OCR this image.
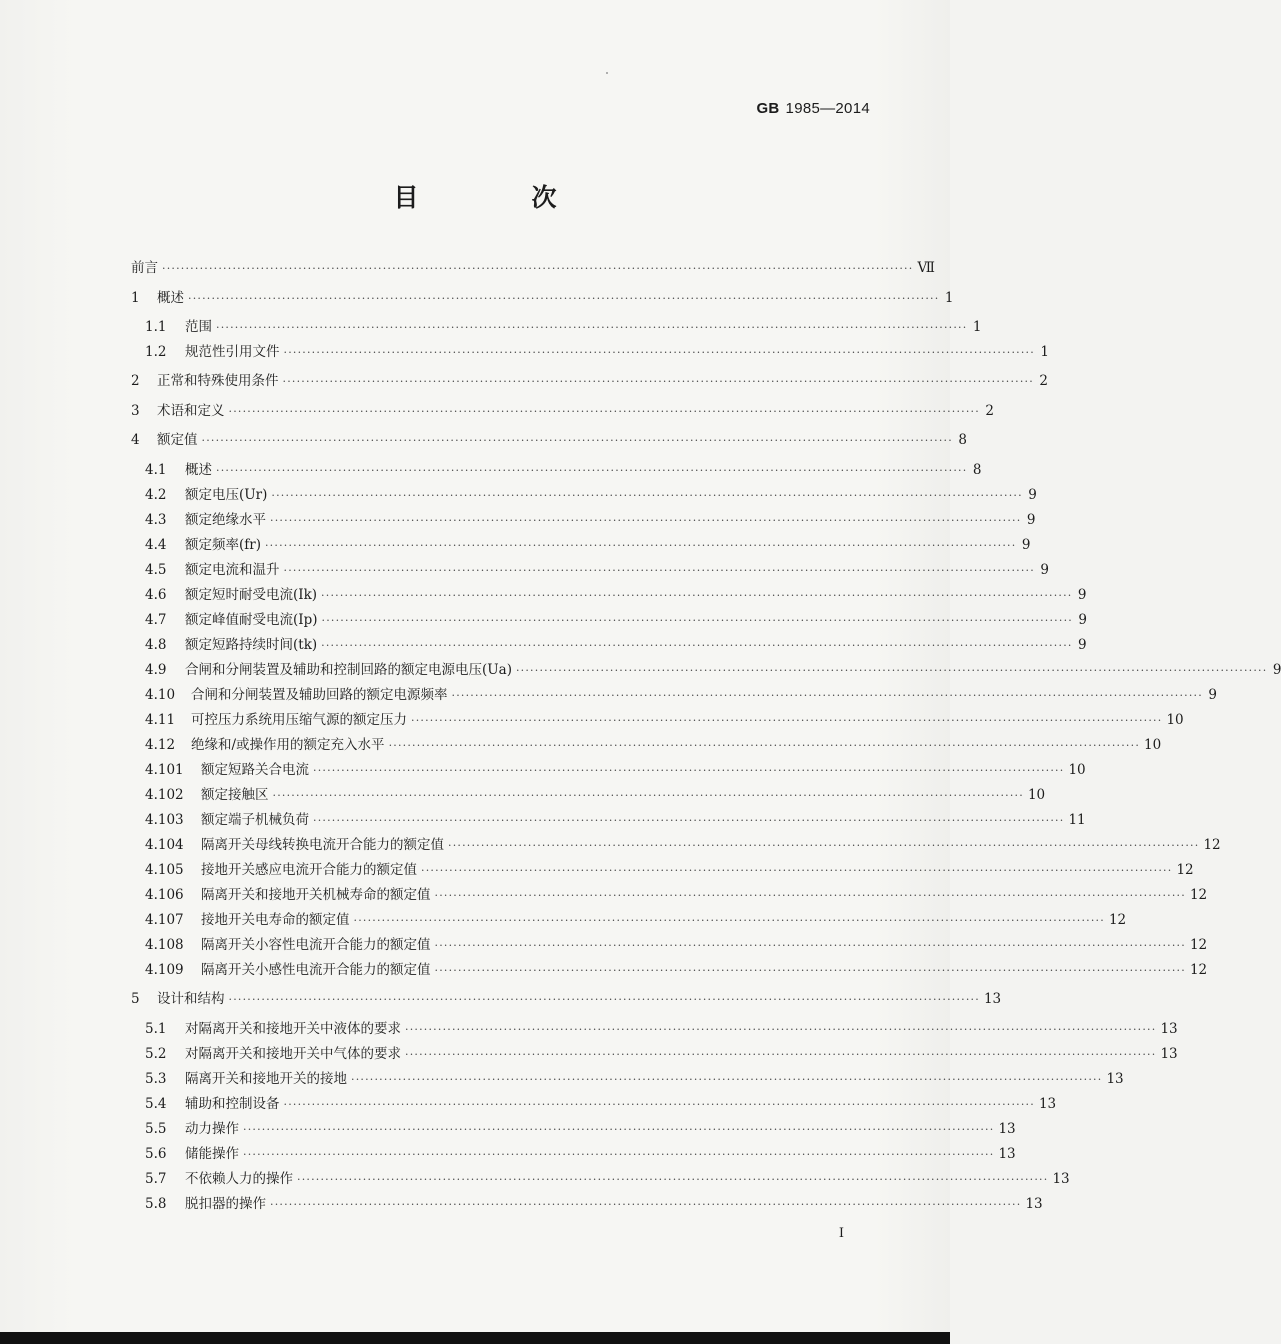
GB 1985—2014
目　次
前言 ································································································································································ Ⅶ
1	概述 ································································································································································ 1
1.1	范围 ································································································································································ 1
1.2	规范性引用文件 ································································································································································ 1
2	正常和特殊使用条件 ································································································································································ 2
3	术语和定义 ································································································································································ 2
4	额定值 ································································································································································ 8
4.1	概述 ································································································································································ 8
4.2	额定电压(Ur) ································································································································································ 9
4.3	额定绝缘水平 ································································································································································ 9
4.4	额定频率(fr) ································································································································································ 9
4.5	额定电流和温升 ································································································································································ 9
4.6	额定短时耐受电流(Ik) ································································································································································ 9
4.7	额定峰值耐受电流(Ip) ································································································································································ 9
4.8	额定短路持续时间(tk) ································································································································································ 9
4.9	合闸和分闸装置及辅助和控制回路的额定电源电压(Ua) ································································································································································ 9
4.10	合闸和分闸装置及辅助回路的额定电源频率 ································································································································································ 9
4.11	可控压力系统用压缩气源的额定压力 ································································································································································ 10
4.12	绝缘和/或操作用的额定充入水平 ································································································································································ 10
4.101	额定短路关合电流 ································································································································································ 10
4.102	额定接触区 ································································································································································ 10
4.103	额定端子机械负荷 ································································································································································ 11
4.104	隔离开关母线转换电流开合能力的额定值 ································································································································································ 12
4.105	接地开关感应电流开合能力的额定值 ································································································································································ 12
4.106	隔离开关和接地开关机械寿命的额定值 ································································································································································ 12
4.107	接地开关电寿命的额定值 ································································································································································ 12
4.108	隔离开关小容性电流开合能力的额定值 ································································································································································ 12
4.109	隔离开关小感性电流开合能力的额定值 ································································································································································ 12
5	设计和结构 ································································································································································ 13
5.1	对隔离开关和接地开关中液体的要求 ································································································································································ 13
5.2	对隔离开关和接地开关中气体的要求 ································································································································································ 13
5.3	隔离开关和接地开关的接地 ································································································································································ 13
5.4	辅助和控制设备 ································································································································································ 13
5.5	动力操作 ································································································································································ 13
5.6	储能操作 ································································································································································ 13
5.7	不依赖人力的操作 ································································································································································ 13
5.8	脱扣器的操作 ································································································································································ 13
I
